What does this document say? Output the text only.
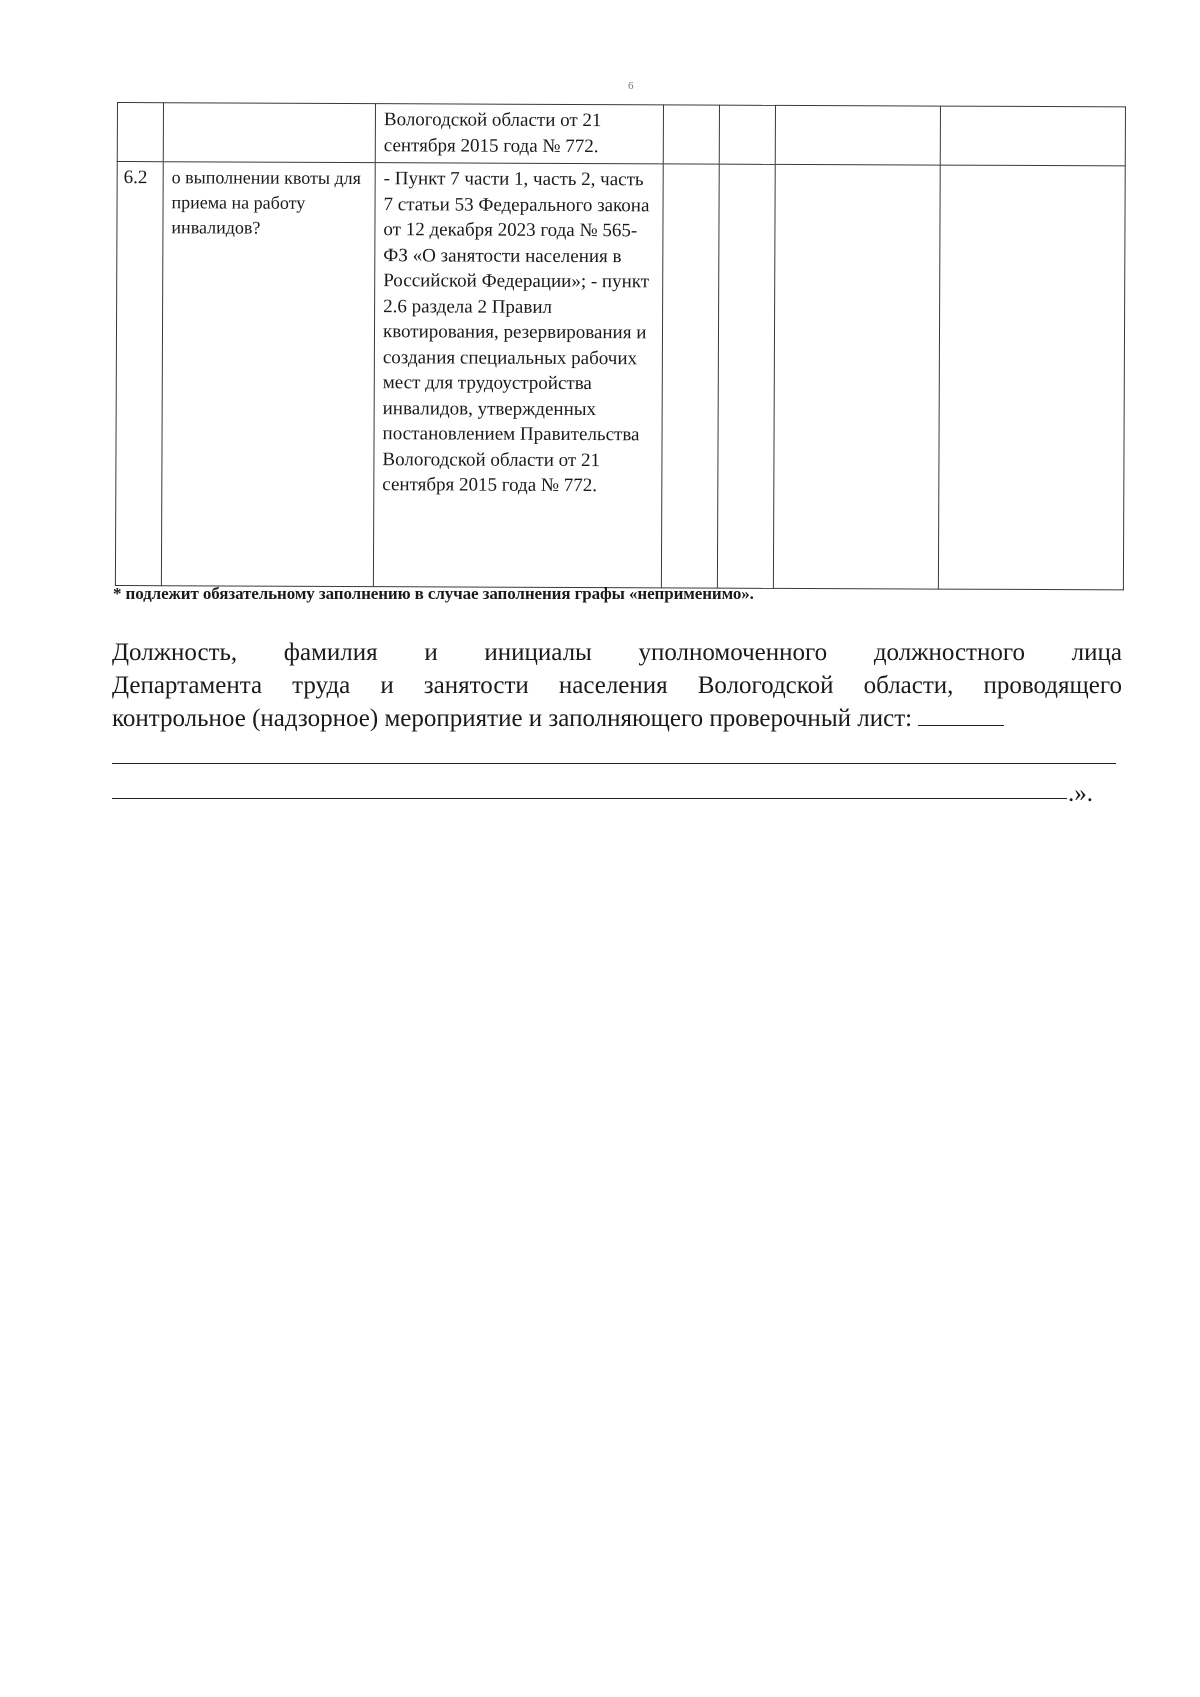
6
		Вологодской области от 21 сентября 2015 года № 772.				
6.2	о выполнении квоты для приема на работу инвалидов?	- Пункт 7 части 1, часть 2, часть 7 статьи 53 Федерального закона от 12 декабря 2023 года № 565-ФЗ «О занятости населения в Российской Федерации»; - пункт 2.6 раздела 2 Правил квотирования, резервирования и создания специальных рабочих мест для трудоустройства инвалидов, утвержденных постановлением Правительства Вологодской области от 21 сентября 2015 года № 772.				
* подлежит обязательному заполнению в случае заполнения графы «неприменимо».
Должность, фамилия и инициалы уполномоченного должностного лица
Департамента труда и занятости населения Вологодской области, проводящего
контрольное (надзорное) мероприятие и заполняющего проверочный лист:
.».
